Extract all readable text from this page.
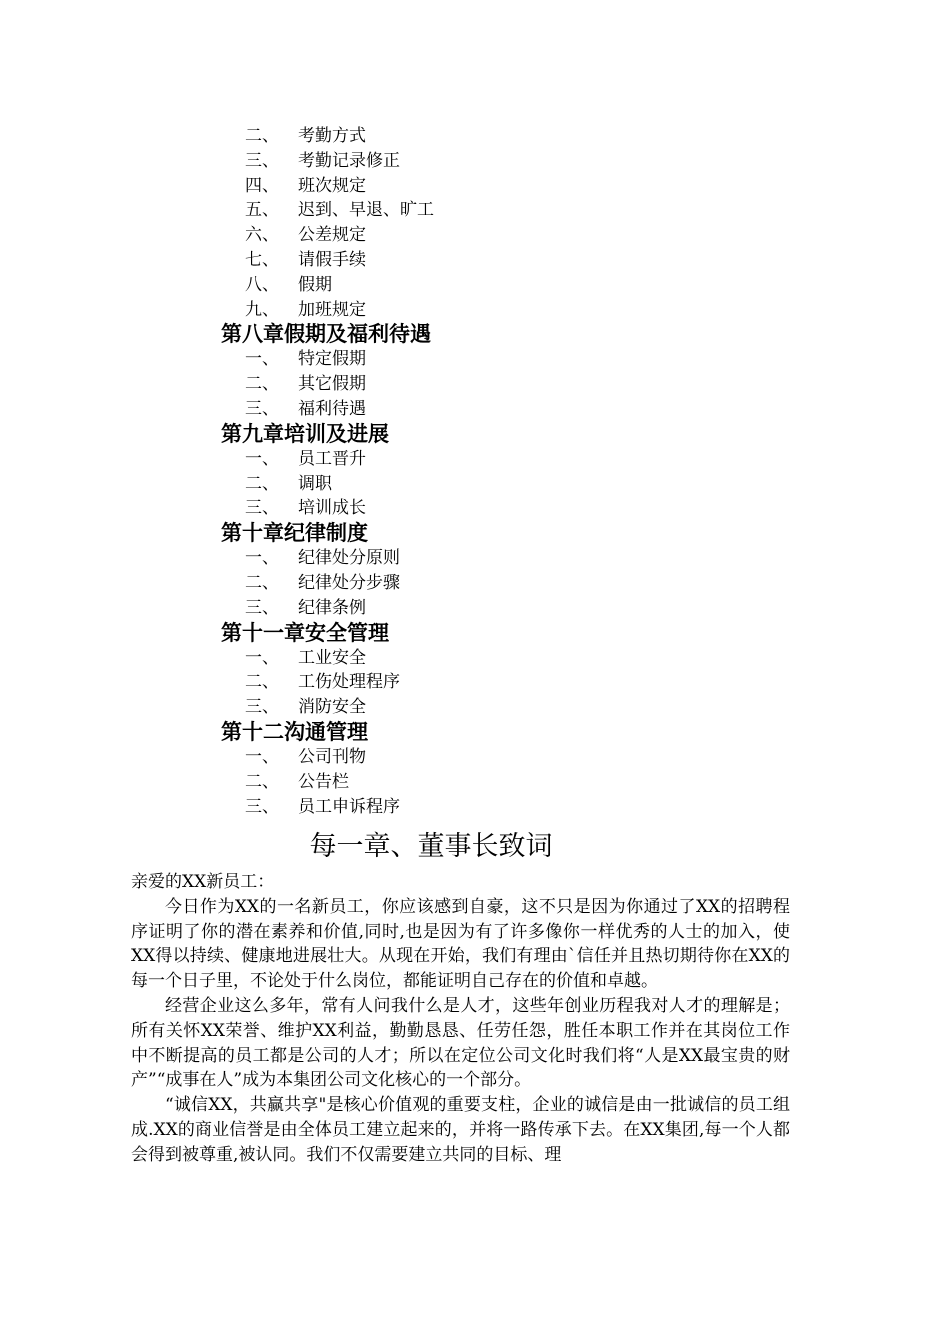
二、 考勤方式
三、 考勤记录修正
四、 班次规定
五、 迟到、早退、旷工
六、 公差规定
七、 请假手续
八、 假期
九、 加班规定
第八章假期及福利待遇
一、 特定假期
二、 其它假期
三、 福利待遇
第九章培训及进展
一、 员工晋升
二、 调职
三、 培训成长
第十章纪律制度
一、 纪律处分原则
二、 纪律处分步骤
三、 纪律条例
第十一章安全管理
一、 工业安全
二、 工伤处理程序
三、 消防安全
第十二沟通管理
一、 公司刊物
二、 公告栏
三、 员工申诉程序
每一章、董事长致词

亲爱的XX新员工：

今日作为XX的一名新员工，你应该感到自豪，这不只是因为你通过了XX的招聘程序证明了你的潜在素养和价值,同时,也是因为有了许多像你一样优秀的人士的加入，使XX得以持续、健康地进展壮大。从现在开始，我们有理由`信任并且热切期待你在XX的每一个日子里，不论处于什么岗位，都能证明自己存在的价值和卓越。

经营企业这么多年，常有人问我什么是人才，这些年创业历程我对人才的理解是；所有关怀XX荣誉、维护XX利益，勤勤恳恳、任劳任怨，胜任本职工作并在其岗位工作中不断提高的员工都是公司的人才；所以在定位公司文化时我们将“人是XX最宝贵的财产”“成事在人”成为本集团公司文化核心的一个部分。

“诚信XX，共赢共享"是核心价值观的重要支柱，企业的诚信是由一批诚信的员工组成.XX的商业信誉是由全体员工建立起来的，并将一路传承下去。在XX集团,每一个人都会得到被尊重,被认同。我们不仅需要建立共同的目标、理
